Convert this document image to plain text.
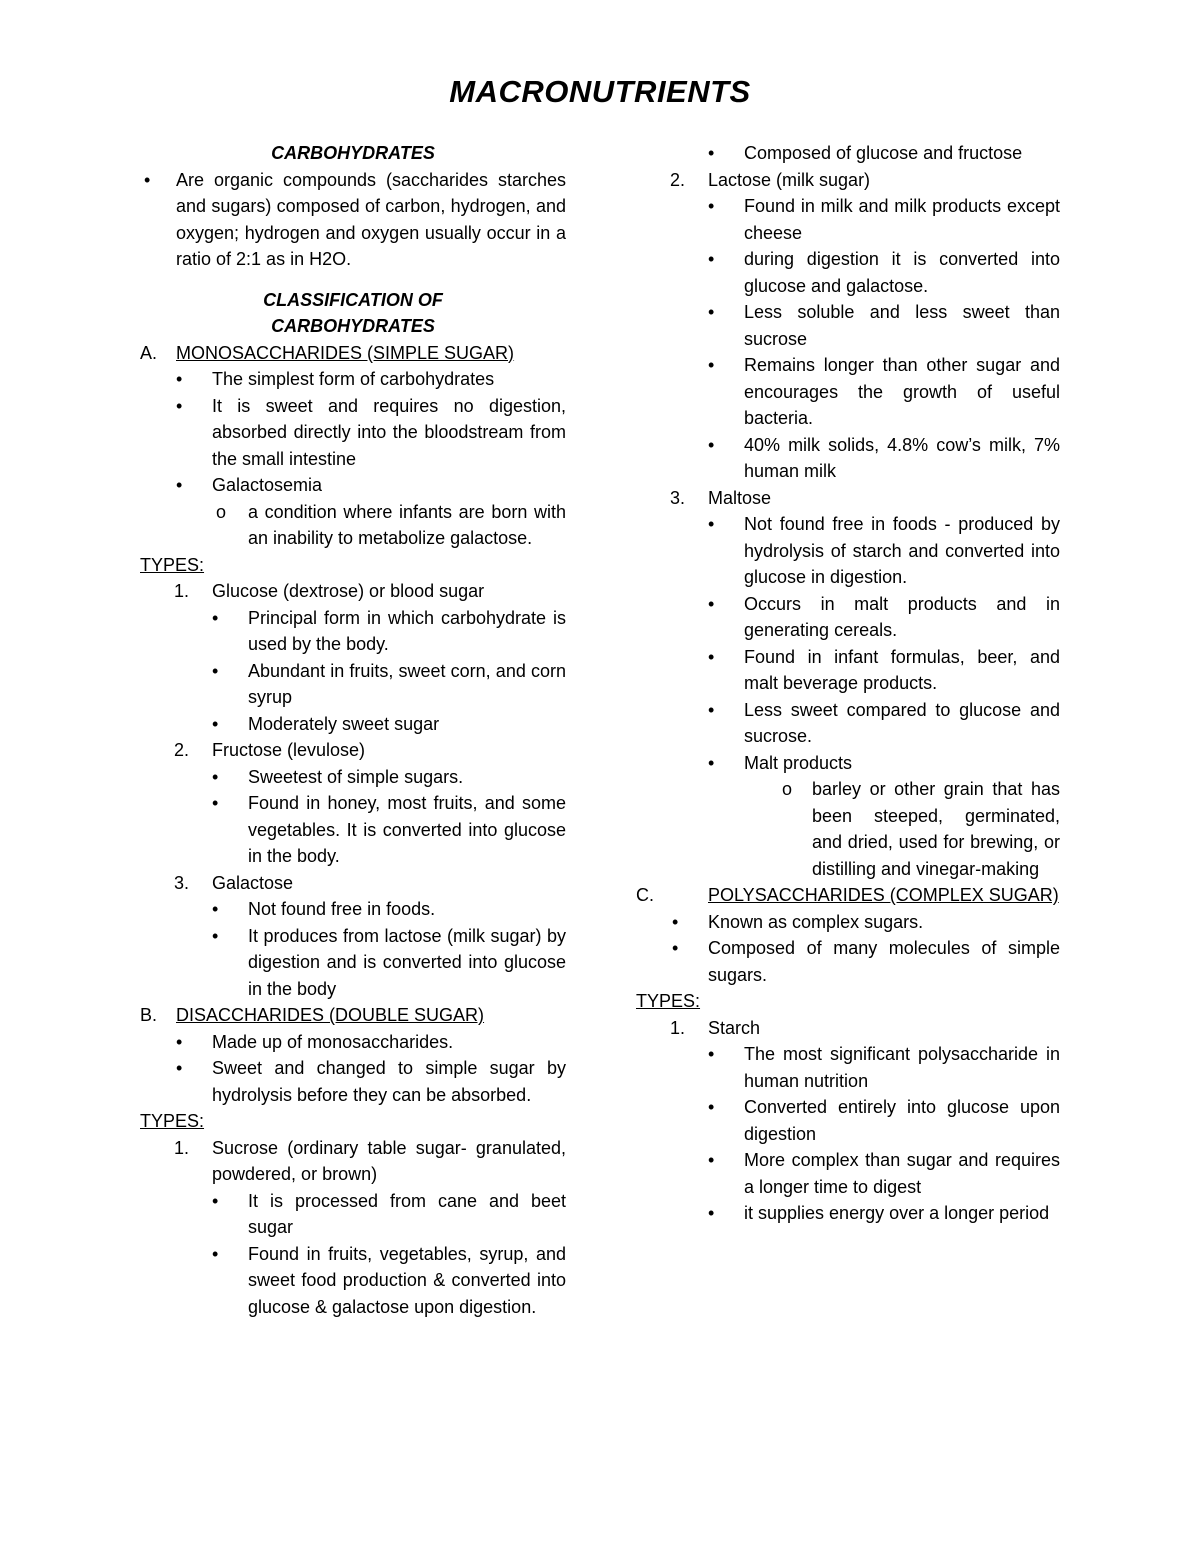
MACRONUTRIENTS

CARBOHYDRATES

• Are organic compounds (saccharides starches and sugars) composed of carbon, hydrogen, and oxygen; hydrogen and oxygen usually occur in a ratio of 2:1 as in H2O.

CLASSIFICATION OF
CARBOHYDRATES

A. MONOSACCHARIDES (SIMPLE SUGAR)
• The simplest form of carbohydrates
• It is sweet and requires no digestion, absorbed directly into the bloodstream from the small intestine
• Galactosemia
o a condition where infants are born with an inability to metabolize galactose.

TYPES:

1. Glucose (dextrose) or blood sugar
• Principal form in which carbohydrate is used by the body.
• Abundant in fruits, sweet corn, and corn syrup
• Moderately sweet sugar
2. Fructose (levulose)
• Sweetest of simple sugars.
• Found in honey, most fruits, and some vegetables. It is converted into glucose in the body.
3. Galactose
• Not found free in foods.
• It produces from lactose (milk sugar) by digestion and is converted into glucose in the body
B. DISACCHARIDES (DOUBLE SUGAR)
• Made up of monosaccharides.
• Sweet and changed to simple sugar by hydrolysis before they can be absorbed.

TYPES:

1. Sucrose (ordinary table sugar- granulated, powdered, or brown)
• It is processed from cane and beet sugar
• Found in fruits, vegetables, syrup, and sweet food production & converted into glucose & galactose upon digestion.
• Composed of glucose and fructose
2. Lactose (milk sugar)
• Found in milk and milk products except cheese
• during digestion it is converted into glucose and galactose.
• Less soluble and less sweet than sucrose
• Remains longer than other sugar and encourages the growth of useful bacteria.
• 40% milk solids, 4.8% cow’s milk, 7% human milk
3. Maltose
• Not found free in foods - produced by hydrolysis of starch and converted into glucose in digestion.
• Occurs in malt products and in generating cereals.
• Found in infant formulas, beer, and malt beverage products.
• Less sweet compared to glucose and sucrose.
• Malt products
o barley or other grain that has been steeped, germinated, and dried, used for brewing, or distilling and vinegar-making
C.	POLYSACCHARIDES (COMPLEX SUGAR)
• Known as complex sugars.
• Composed of many molecules of simple sugars.

TYPES:

1. Starch
• The most significant polysaccharide in human nutrition
• Converted entirely into glucose upon digestion
• More complex than sugar and requires a longer time to digest
• it supplies energy over a longer period
